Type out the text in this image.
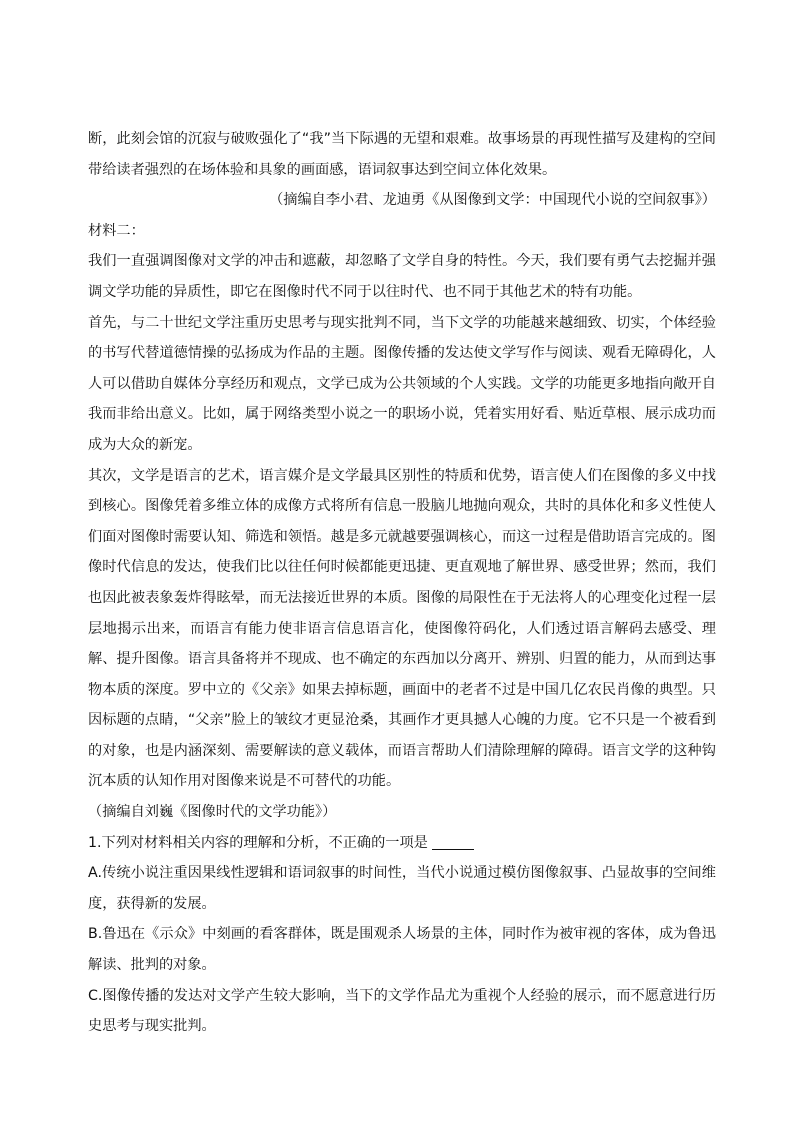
断，此刻会馆的沉寂与破败强化了“我”当下际遇的无望和艰难。故事场景的再现性描写及建构的空间带给读者强烈的在场体验和具象的画面感，语词叙事达到空间立体化效果。

（摘编自李小君、龙迪勇《从图像到文学：中国现代小说的空间叙事》）

材料二：

我们一直强调图像对文学的冲击和遮蔽，却忽略了文学自身的特性。今天，我们要有勇气去挖掘并强调文学功能的异质性，即它在图像时代不同于以往时代、也不同于其他艺术的特有功能。

首先，与二十世纪文学注重历史思考与现实批判不同，当下文学的功能越来越细致、切实，个体经验的书写代替道德情操的弘扬成为作品的主题。图像传播的发达使文学写作与阅读、观看无障碍化，人人可以借助自媒体分享经历和观点，文学已成为公共领域的个人实践。文学的功能更多地指向敞开自我而非给出意义。比如，属于网络类型小说之一的职场小说，凭着实用好看、贴近草根、展示成功而成为大众的新宠。

其次，文学是语言的艺术，语言媒介是文学最具区别性的特质和优势，语言使人们在图像的多义中找到核心。图像凭着多维立体的成像方式将所有信息一股脑儿地抛向观众，共时的具体化和多义性使人们面对图像时需要认知、筛选和领悟。越是多元就越要强调核心，而这一过程是借助语言完成的。图像时代信息的发达，使我们比以往任何时候都能更迅捷、更直观地了解世界、感受世界；然而，我们也因此被表象轰炸得眩晕，而无法接近世界的本质。图像的局限性在于无法将人的心理变化过程一层层地揭示出来，而语言有能力使非语言信息语言化，使图像符码化，人们透过语言解码去感受、理解、提升图像。语言具备将并不现成、也不确定的东西加以分离开、辨别、归置的能力，从而到达事物本质的深度。罗中立的《父亲》如果去掉标题，画面中的老者不过是中国几亿农民肖像的典型。只因标题的点睛，“父亲”脸上的皱纹才更显沧桑，其画作才更具撼人心魄的力度。它不只是一个被看到的对象，也是内涵深刻、需要解读的意义载体，而语言帮助人们清除理解的障碍。语言文学的这种钩沉本质的认知作用对图像来说是不可替代的功能。

（摘编自刘巍《图像时代的文学功能》）

1.下列对材料相关内容的理解和分析，不正确的一项是

A.传统小说注重因果线性逻辑和语词叙事的时间性，当代小说通过模仿图像叙事、凸显故事的空间维度，获得新的发展。

B.鲁迅在《示众》中刻画的看客群体，既是围观杀人场景的主体，同时作为被审视的客体，成为鲁迅解读、批判的对象。

C.图像传播的发达对文学产生较大影响，当下的文学作品尤为重视个人经验的展示，而不愿意进行历史思考与现实批判。
